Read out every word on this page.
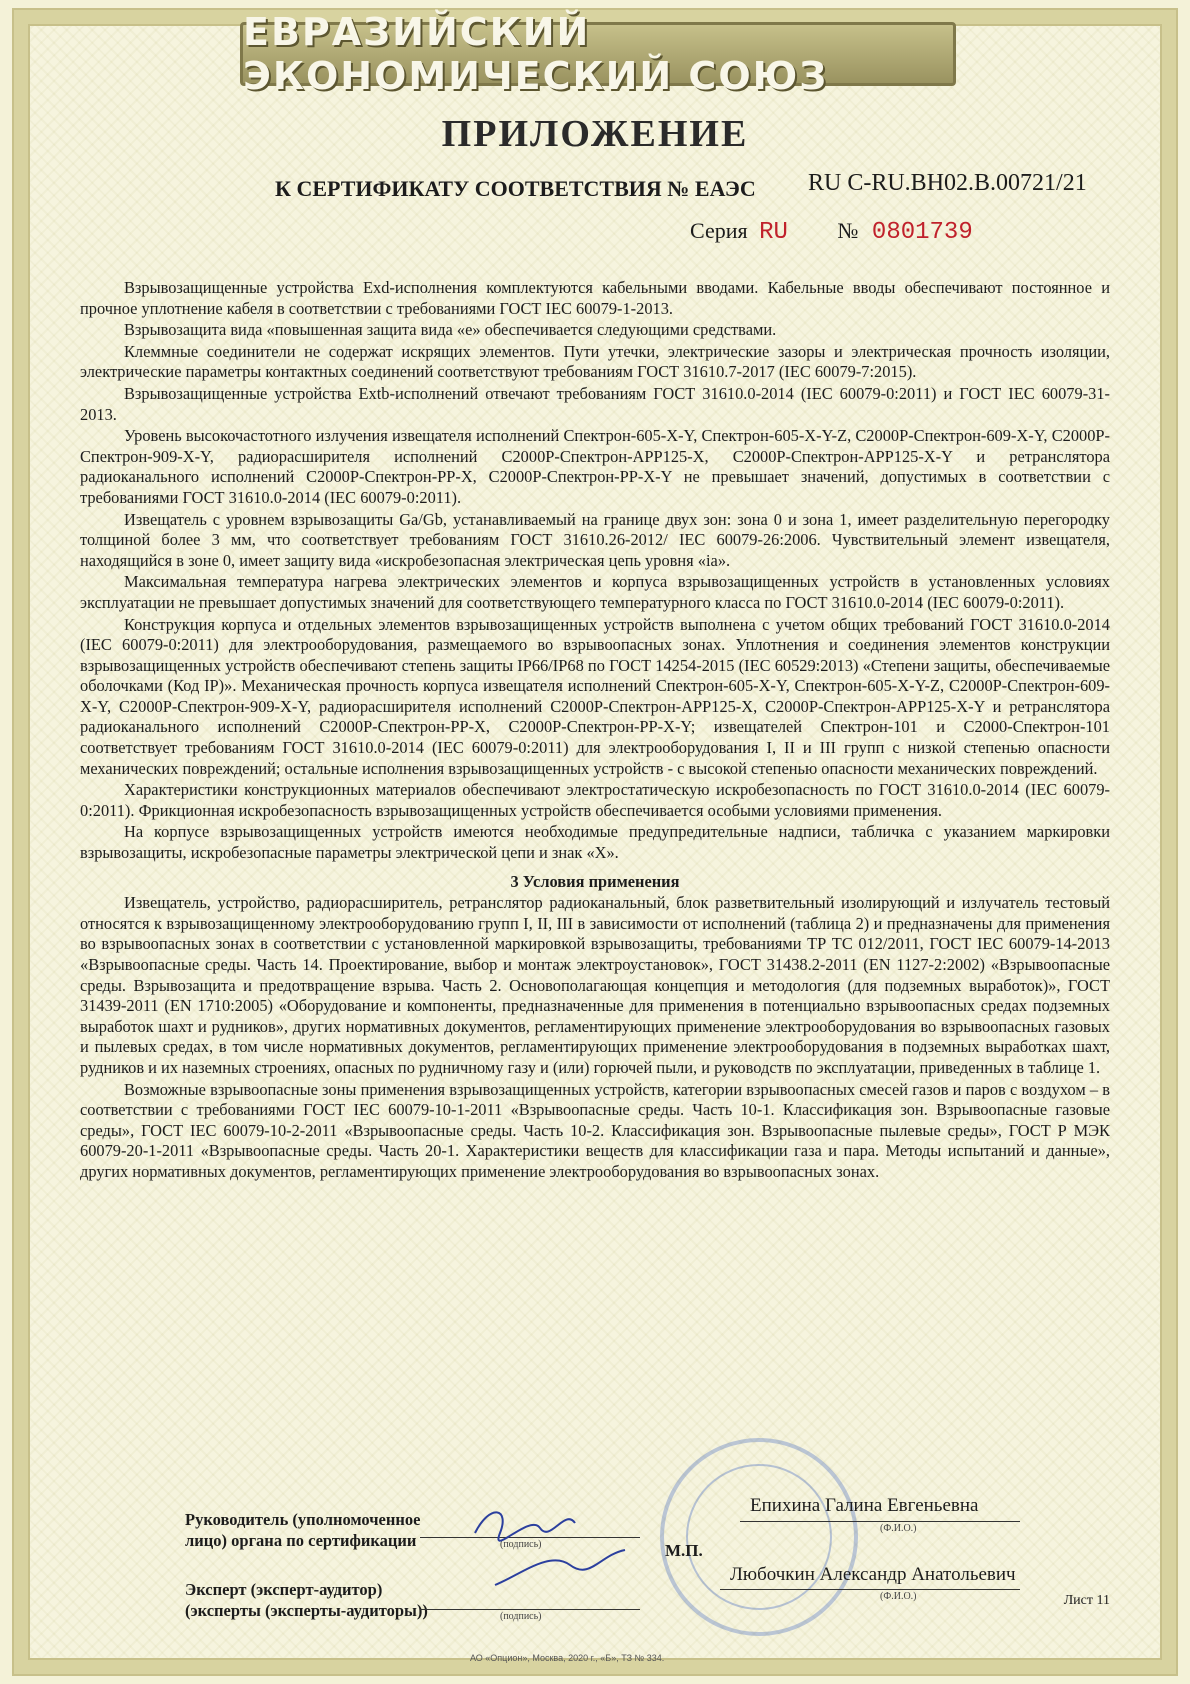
ЕВРАЗИЙСКИЙ ЭКОНОМИЧЕСКИЙ СОЮЗ
ПРИЛОЖЕНИЕ
К СЕРТИФИКАТУ СООТВЕТСТВИЯ № ЕАЭС RU C-RU.BH02.B.00721/21
Серия RU № 0801739

Взрывозащищенные устройства Exd-исполнения комплектуются кабельными вводами. Кабельные вводы обеспечивают постоянное и прочное уплотнение кабеля в соответствии с требованиями ГОСТ IEC 60079-1-2013.

Взрывозащита вида «повышенная защита вида «е» обеспечивается следующими средствами.

Клеммные соединители не содержат искрящих элементов. Пути утечки, электрические зазоры и электрическая прочность изоляции, электрические параметры контактных соединений соответствуют требованиям ГОСТ 31610.7-2017 (IEC 60079-7:2015).

Взрывозащищенные устройства Extb-исполнений отвечают требованиям ГОСТ 31610.0-2014 (IEC 60079-0:2011) и ГОСТ IEC 60079-31-2013.

Уровень высокочастотного излучения извещателя исполнений Спектрон-605-X-Y, Спектрон-605-X-Y-Z, С2000Р-Спектрон-609-X-Y, С2000Р-Спектрон-909-X-Y, радиорасширителя исполнений С2000Р-Спектрон-АРР125-Х, С2000Р-Спектрон-АРР125-X-Y и ретранслятора радиоканального исполнений С2000Р-Спектрон-РР-Х, С2000Р-Спектрон-РР-Х-Y не превышает значений, допустимых в соответствии с требованиями ГОСТ 31610.0-2014 (IEC 60079-0:2011).

Извещатель с уровнем взрывозащиты Ga/Gb, устанавливаемый на границе двух зон: зона 0 и зона 1, имеет разделительную перегородку толщиной более 3 мм, что соответствует требованиям ГОСТ 31610.26-2012/ IEC 60079-26:2006. Чувствительный элемент извещателя, находящийся в зоне 0, имеет защиту вида «искробезопасная электрическая цепь уровня «ia».

Максимальная температура нагрева электрических элементов и корпуса взрывозащищенных устройств в установленных условиях эксплуатации не превышает допустимых значений для соответствующего температурного класса по ГОСТ 31610.0-2014 (IEC 60079-0:2011).

Конструкция корпуса и отдельных элементов взрывозащищенных устройств выполнена с учетом общих требований ГОСТ 31610.0-2014 (IEC 60079-0:2011) для электрооборудования, размещаемого во взрывоопасных зонах. Уплотнения и соединения элементов конструкции взрывозащищенных устройств обеспечивают степень защиты IP66/IP68 по ГОСТ 14254-2015 (IEC 60529:2013) «Степени защиты, обеспечиваемые оболочками (Код IP)». Механическая прочность корпуса извещателя исполнений Спектрон-605-X-Y, Спектрон-605-X-Y-Z, С2000Р-Спектрон-609-X-Y, С2000Р-Спектрон-909-X-Y, радиорасширителя исполнений С2000Р-Спектрон-АРР125-Х, С2000Р-Спектрон-АРР125-X-Y и ретранслятора радиоканального исполнений С2000Р-Спектрон-РР-Х, С2000Р-Спектрон-РР-Х-Y; извещателей Спектрон-101 и С2000-Спектрон-101 соответствует требованиям ГОСТ 31610.0-2014 (IEC 60079-0:2011) для электрооборудования I, II и III групп с низкой степенью опасности механических повреждений; остальные исполнения взрывозащищенных устройств - с высокой степенью опасности механических повреждений.

Характеристики конструкционных материалов обеспечивают электростатическую искробезопасность по ГОСТ 31610.0-2014 (IEC 60079-0:2011). Фрикционная искробезопасность взрывозащищенных устройств обеспечивается особыми условиями применения.

На корпусе взрывозащищенных устройств имеются необходимые предупредительные надписи, табличка с указанием маркировки взрывозащиты, искробезопасные параметры электрической цепи и знак «Х».

3 Условия применения

Извещатель, устройство, радиорасширитель, ретранслятор радиоканальный, блок разветвительный изолирующий и излучатель тестовый относятся к взрывозащищенному электрооборудованию групп I, II, III в зависимости от исполнений (таблица 2) и предназначены для применения во взрывоопасных зонах в соответствии с установленной маркировкой взрывозащиты, требованиями ТР ТС 012/2011, ГОСТ IEC 60079-14-2013 «Взрывоопасные среды. Часть 14. Проектирование, выбор и монтаж электроустановок», ГОСТ 31438.2-2011 (EN 1127-2:2002) «Взрывоопасные среды. Взрывозащита и предотвращение взрыва. Часть 2. Основополагающая концепция и методология (для подземных выработок)», ГОСТ 31439-2011 (EN 1710:2005) «Оборудование и компоненты, предназначенные для применения в потенциально взрывоопасных средах подземных выработок шахт и рудников», других нормативных документов, регламентирующих применение электрооборудования во взрывоопасных газовых и пылевых средах, в том числе нормативных документов, регламентирующих применение электрооборудования в подземных выработках шахт, рудников и их наземных строениях, опасных по рудничному газу и (или) горючей пыли, и руководств по эксплуатации, приведенных в таблице 1.

Возможные взрывоопасные зоны применения взрывозащищенных устройств, категории взрывоопасных смесей газов и паров с воздухом – в соответствии с требованиями ГОСТ IEC 60079-10-1-2011 «Взрывоопасные среды. Часть 10-1. Классификация зон. Взрывоопасные газовые среды», ГОСТ IEC 60079-10-2-2011 «Взрывоопасные среды. Часть 10-2. Классификация зон. Взрывоопасные пылевые среды», ГОСТ Р МЭК 60079-20-1-2011 «Взрывоопасные среды. Часть 20-1. Характеристики веществ для классификации газа и пара. Методы испытаний и данные», других нормативных документов, регламентирующих применение электрооборудования во взрывоопасных зонах.

Руководитель (уполномоченное
лицо) органа по сертификации	(подпись)
Епихина Галина Евгеньевна
(Ф.И.О.)
М.П.
Эксперт (эксперт-аудитор)
(эксперты (эксперты-аудиторы))	(подпись)
Любочкин Александр Анатольевич
(Ф.И.О.)	Лист 11
АО «Опцион», Москва, 2020 г., «Б», ТЗ № 334.
